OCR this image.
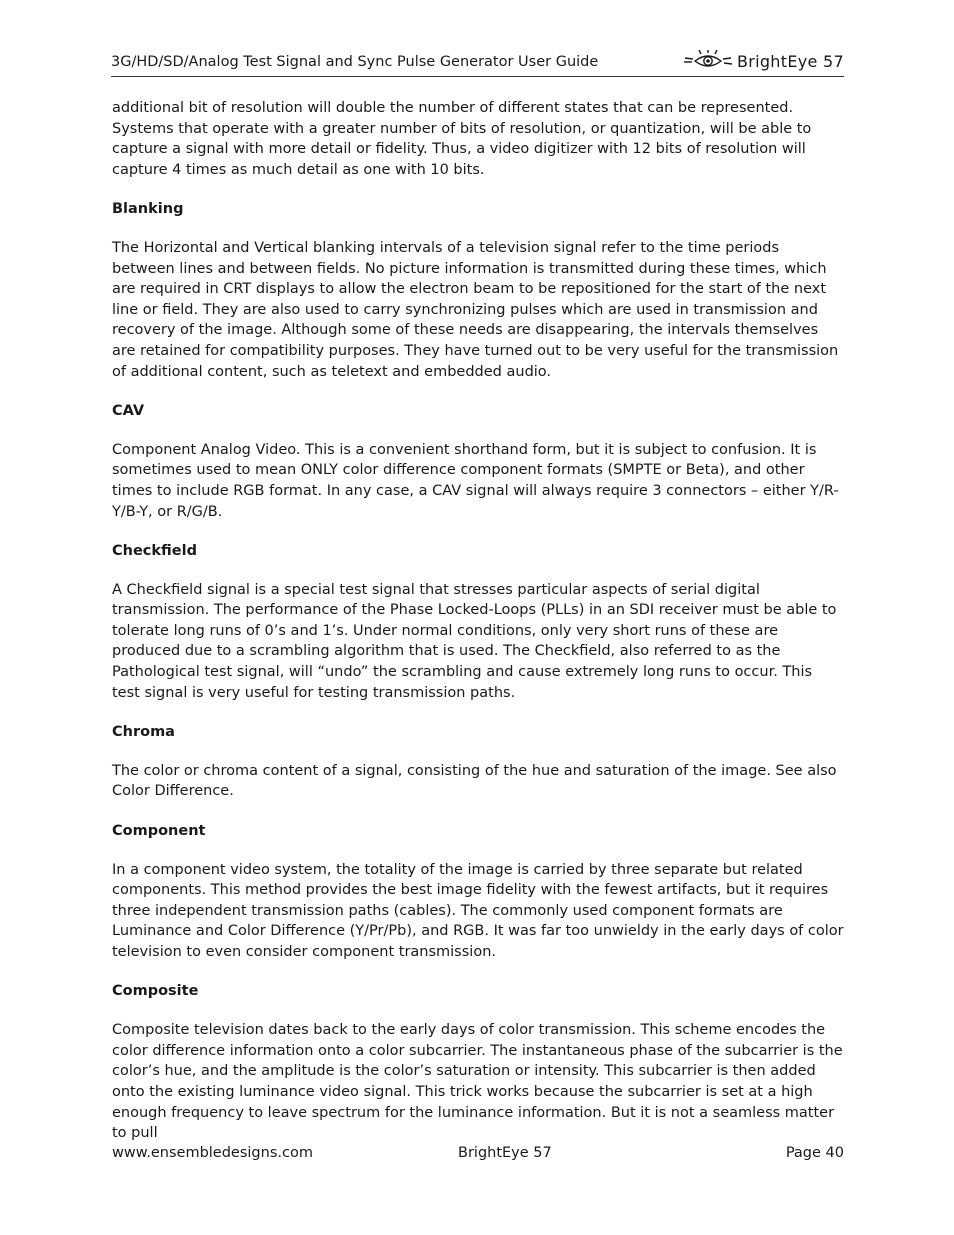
3G/HD/SD/Analog Test Signal and Sync Pulse Generator User Guide	BrightEye 57

additional bit of resolution will double the number of different states that can be represented. Systems that operate with a greater number of bits of resolution, or quantization, will be able to capture a signal with more detail or fidelity. Thus, a video digitizer with 12 bits of resolution will capture 4 times as much detail as one with 10 bits.

Blanking

The Horizontal and Vertical blanking intervals of a television signal refer to the time periods between lines and between fields. No picture information is transmitted during these times, which are required in CRT displays to allow the electron beam to be repositioned for the start of the next line or field. They are also used to carry synchronizing pulses which are used in transmission and recovery of the image. Although some of these needs are disappearing, the intervals themselves are retained for compatibility purposes. They have turned out to be very useful for the transmission of additional content, such as teletext and embedded audio.

CAV

Component Analog Video. This is a convenient shorthand form, but it is subject to confusion. It is sometimes used to mean ONLY color difference component formats (SMPTE or Beta), and other times to include RGB format. In any case, a CAV signal will always require 3 connectors – either Y/R-Y/B-Y, or R/G/B.

Checkfield

A Checkfield signal is a special test signal that stresses particular aspects of serial digital transmission. The performance of the Phase Locked-Loops (PLLs) in an SDI receiver must be able to tolerate long runs of 0’s and 1’s. Under normal conditions, only very short runs of these are produced due to a scrambling algorithm that is used. The Checkfield, also referred to as the Pathological test signal, will “undo” the scrambling and cause extremely long runs to occur. This test signal is very useful for testing transmission paths.

Chroma

The color or chroma content of a signal, consisting of the hue and saturation of the image. See also Color Difference.

Component

In a component video system, the totality of the image is carried by three separate but related components. This method provides the best image fidelity with the fewest artifacts, but it requires three independent transmission paths (cables). The commonly used component formats are Luminance and Color Difference (Y/Pr/Pb), and RGB. It was far too unwieldy in the early days of color television to even consider component transmission.

Composite

Composite television dates back to the early days of color transmission. This scheme encodes the color difference information onto a color subcarrier. The instantaneous phase of the subcarrier is the color’s hue, and the amplitude is the color’s saturation or intensity. This subcarrier is then added onto the existing luminance video signal. This trick works because the subcarrier is set at a high enough frequency to leave spectrum for the luminance information. But it is not a seamless matter to pull

www.ensembledesigns.com	BrightEye 57	Page 40
